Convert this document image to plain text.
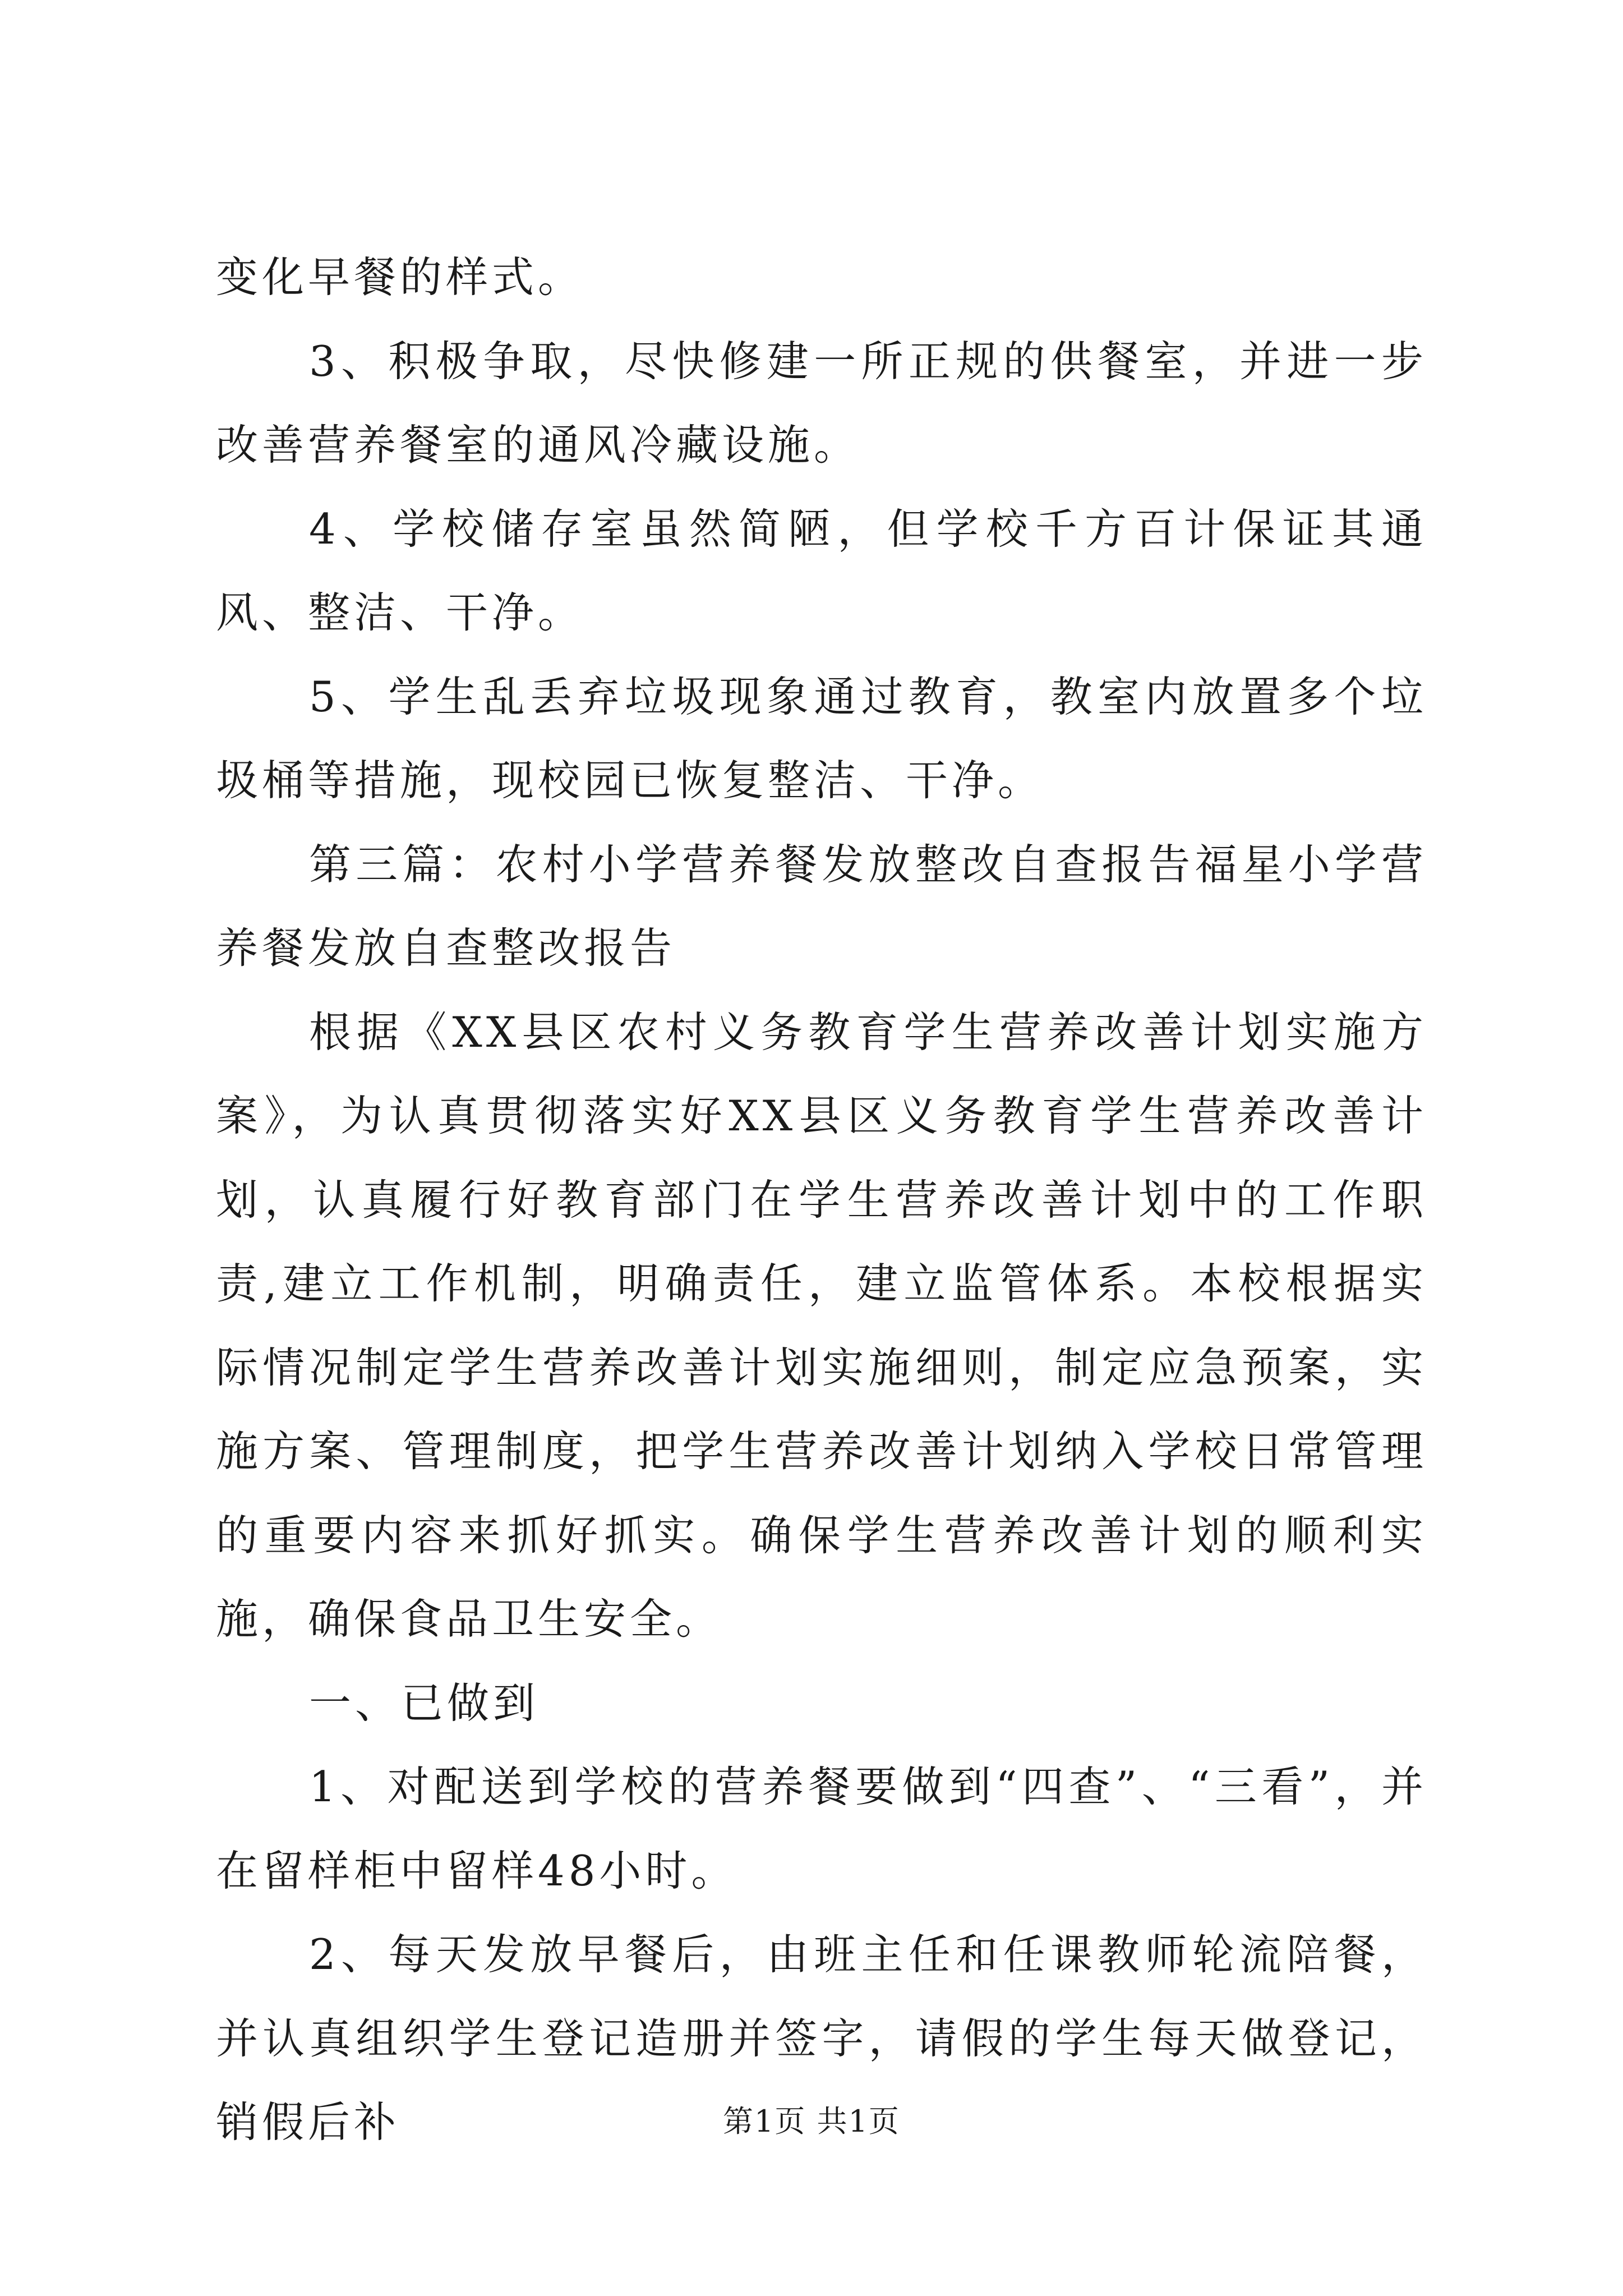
变化早餐的样式。

3、积极争取，尽快修建一所正规的供餐室，并进一步改善营养餐室的通风冷藏设施。

4、学校储存室虽然简陋，但学校千方百计保证其通风、整洁、干净。

5、学生乱丢弃垃圾现象通过教育，教室内放置多个垃圾桶等措施，现校园已恢复整洁、干净。

第三篇：农村小学营养餐发放整改自查报告福星小学营养餐发放自查整改报告

根据《XX县区农村义务教育学生营养改善计划实施方案》，为认真贯彻落实好XX县区义务教育学生营养改善计划，认真履行好教育部门在学生营养改善计划中的工作职责,建立工作机制，明确责任，建立监管体系。本校根据实际情况制定学生营养改善计划实施细则，制定应急预案，实施方案、管理制度，把学生营养改善计划纳入学校日常管理的重要内容来抓好抓实。确保学生营养改善计划的顺利实施，确保食品卫生安全。

一、已做到

1、对配送到学校的营养餐要做到“四查”、“三看”，并在留样柜中留样48小时。

2、每天发放早餐后，由班主任和任课教师轮流陪餐，并认真组织学生登记造册并签字，请假的学生每天做登记，销假后补	第1页 共1页
